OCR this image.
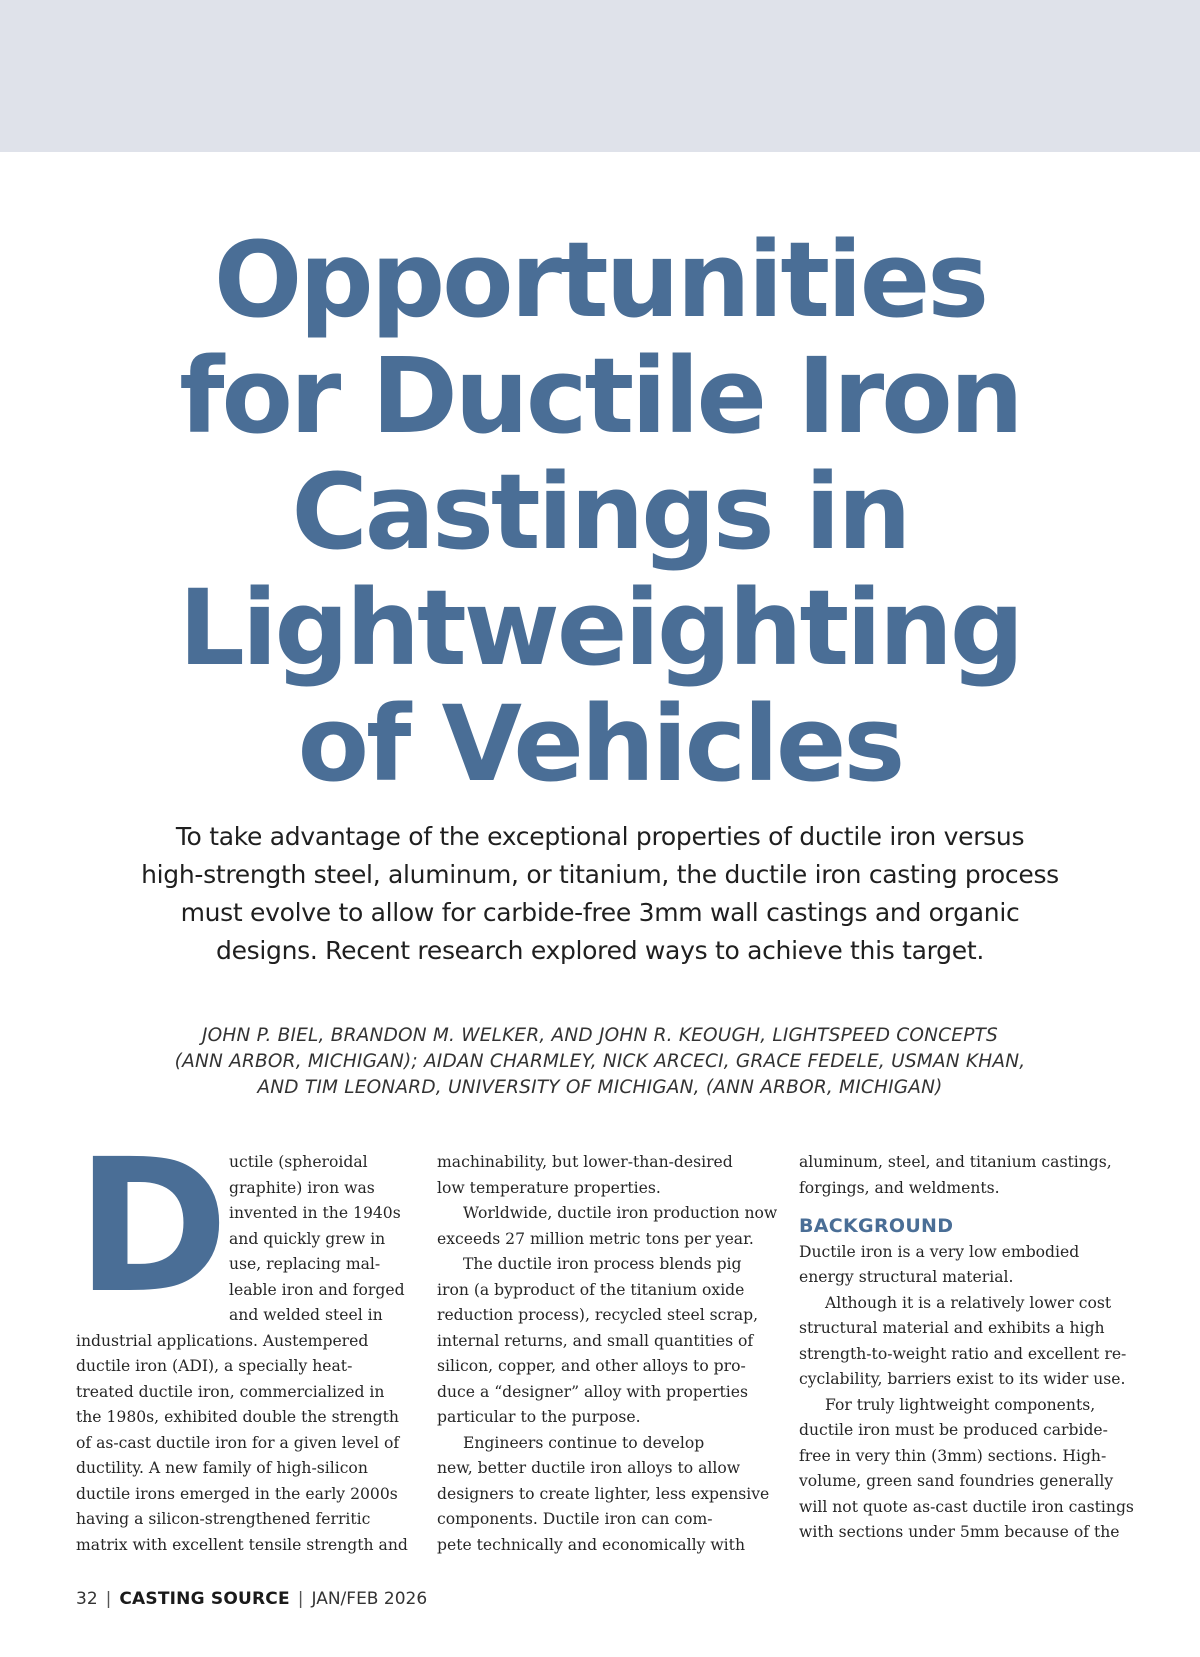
Opportunities
for Ductile Iron
Castings in
Lightweighting
of Vehicles

To take advantage of the exceptional properties of ductile iron versus
high-strength steel, aluminum, or titanium, the ductile iron casting process
must evolve to allow for carbide-free 3mm wall castings and organic
designs. Recent research explored ways to achieve this target.

JOHN P. BIEL, BRANDON M. WELKER, AND JOHN R. KEOUGH, LIGHTSPEED CONCEPTS
(ANN ARBOR, MICHIGAN); AIDAN CHARMLEY, NICK ARCECI, GRACE FEDELE, USMAN KHAN,
AND TIM LEONARD, UNIVERSITY OF MICHIGAN, (ANN ARBOR, MICHIGAN)

D uctile (spheroidal
graphite) iron was
invented in the 1940s
and quickly grew in
use, replacing mal-
leable iron and forged
and welded steel in
industrial applications. Austempered
ductile iron (ADI), a specially heat-
treated ductile iron, commercialized in
the 1980s, exhibited double the strength
of as-cast ductile iron for a given level of
ductility. A new family of high-silicon
ductile irons emerged in the early 2000s
having a silicon-strengthened ferritic
matrix with excellent tensile strength and
machinability, but lower-than-desired
low temperature properties.
Worldwide, ductile iron production now
exceeds 27 million metric tons per year.
The ductile iron process blends pig
iron (a byproduct of the titanium oxide
reduction process), recycled steel scrap,
internal returns, and small quantities of
silicon, copper, and other alloys to pro-
duce a “designer” alloy with properties
particular to the purpose.
Engineers continue to develop
new, better ductile iron alloys to allow
designers to create lighter, less expensive
components. Ductile iron can com-
pete technically and economically with
aluminum, steel, and titanium castings,
forgings, and weldments.
BACKGROUND
Ductile iron is a very low embodied
energy structural material.
Although it is a relatively lower cost
structural material and exhibits a high
strength-to-weight ratio and excellent re-
cyclability, barriers exist to its wider use.
For truly lightweight components,
ductile iron must be produced carbide-
free in very thin (3mm) sections. High-
volume, green sand foundries generally
will not quote as-cast ductile iron castings
with sections under 5mm because of the
32 | CASTING SOURCE | JAN/FEB 2026
